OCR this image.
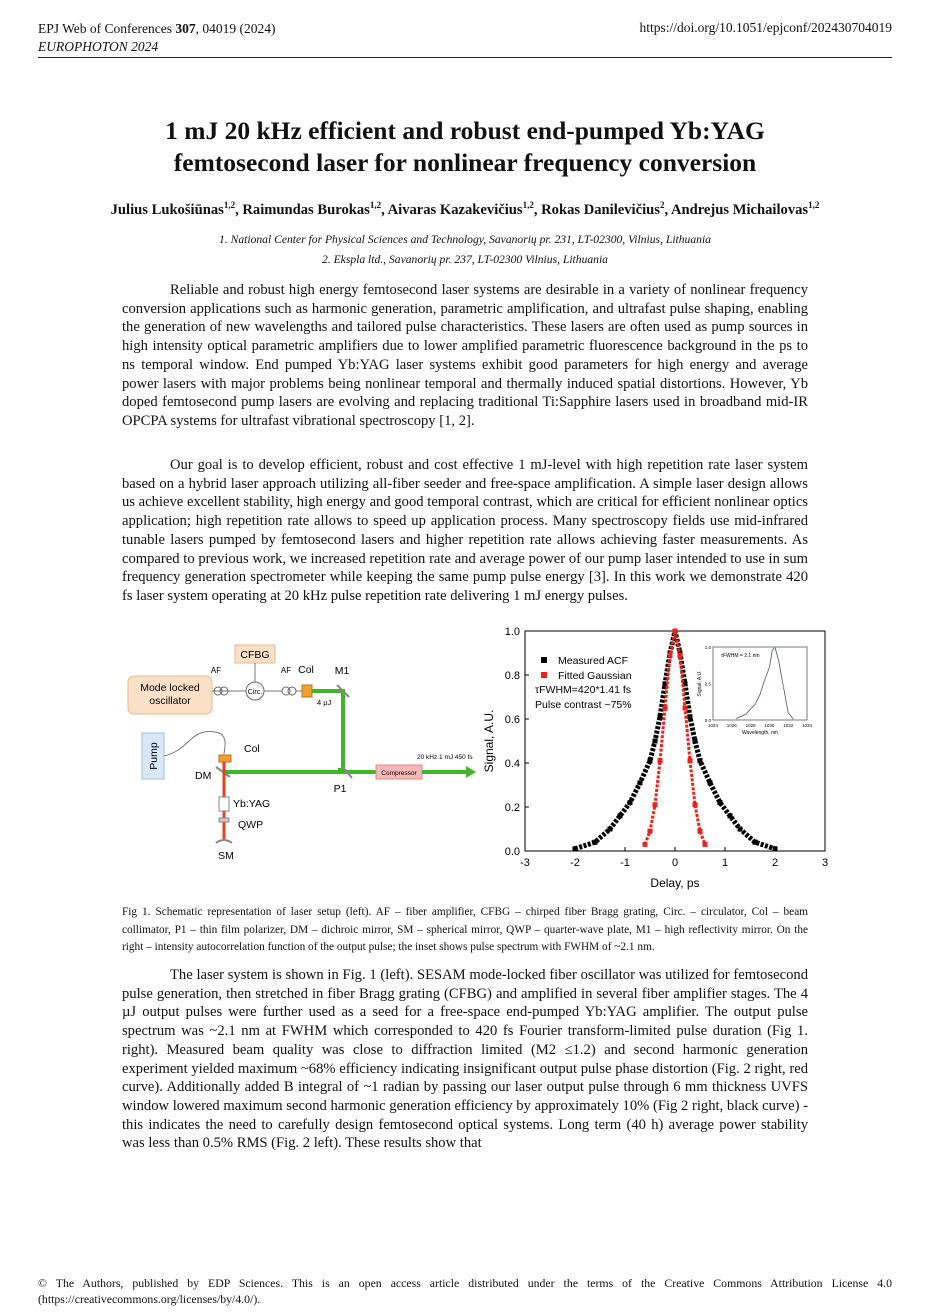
EPJ Web of Conferences 307, 04019 (2024)
EUROPHOTON 2024
https://doi.org/10.1051/epjconf/202430704019
1 mJ 20 kHz efficient and robust end-pumped Yb:YAG
femtosecond laser for nonlinear frequency conversion
Julius Lukošiūnas$^{1,2}$, Raimundas Burokas$^{1,2}$, Aivaras Kazakevičius$^{1,2}$, Rokas Danilevičius$^2$, Andrejus Michailovas$^{1,2}$
1. National Center for Physical Sciences and Technology, Savanorių pr. 231, LT-02300, Vilnius, Lithuania
2. Ekspla ltd., Savanorių pr. 237, LT-02300 Vilnius, Lithuania

Reliable and robust high energy femtosecond laser systems are desirable in a variety of nonlinear frequency conversion applications such as harmonic generation, parametric amplification, and ultrafast pulse shaping, enabling the generation of new wavelengths and tailored pulse characteristics. These lasers are often used as pump sources in high intensity optical parametric amplifiers due to lower amplified parametric fluorescence background in the ps to ns temporal window. End pumped Yb:YAG laser systems exhibit good parameters for high energy and average power lasers with major problems being nonlinear temporal and thermally induced spatial distortions. However, Yb doped femtosecond pump lasers are evolving and replacing traditional Ti:Sapphire lasers used in broadband mid-IR OPCPA systems for ultrafast vibrational spectroscopy [1, 2].

Our goal is to develop efficient, robust and cost effective 1 mJ-level with high repetition rate laser system based on a hybrid laser approach utilizing all-fiber seeder and free-space amplification. A simple laser design allows us achieve excellent stability, high energy and good temporal contrast, which are critical for efficient nonlinear optics application; high repetition rate allows to speed up application process. Many spectroscopy fields use mid-infrared tunable lasers pumped by femtosecond lasers and higher repetition rate allows achieving faster measurements. As compared to previous work, we increased repetition rate and average power of our pump laser intended to use in sum frequency generation spectrometer while keeping the same pump pulse energy [3]. In this work we demonstrate 420 fs laser system operating at 20 kHz pulse repetition rate delivering 1 mJ energy pulses.

Mode locked
oscillator
CFBG
AF
Circ.
AF Col M1
4 µJ
P1
Compressor
20 kHz 1 mJ 450 fs
Pump	Col
DM
Yb:YAG
QWP
SM
-3	-2	-1	0	1	2	3
0.0
0.2
0.4
0.6
0.8
1.0
Delay, ps
Signal, A.U.
Measured ACF
Fitted Gaussian
τFWHM=420*1.41 fs
Pulse contrast ~75%
1024 1026 1028 1030 1032 1034
0.0
0.5
1.0
Wavelength, nm
Signal, A.U.
τFWHM = 2.1 nm

Fig 1. Schematic representation of laser setup (left). AF – fiber amplifier, CFBG – chirped fiber Bragg grating, Circ. – circulator, Col – beam collimator, P1 – thin film polarizer, DM – dichroic mirror, SM – spherical mirror, QWP – quarter-wave plate, M1 – high reflectivity mirror. On the right – intensity autocorrelation function of the output pulse; the inset shows pulse spectrum with FWHM of ~2.1 nm.

The laser system is shown in Fig. 1 (left). SESAM mode-locked fiber oscillator was utilized for femtosecond pulse generation, then stretched in fiber Bragg grating (CFBG) and amplified in several fiber amplifier stages. The 4 µJ output pulses were further used as a seed for a free-space end-pumped Yb:YAG amplifier. The output pulse spectrum was ~2.1 nm at FWHM which corresponded to 420 fs Fourier transform-limited pulse duration (Fig 1. right). Measured beam quality was close to diffraction limited (M2 ≤1.2) and second harmonic generation experiment yielded maximum ~68% efficiency indicating insignificant output pulse phase distortion (Fig. 2 right, red curve). Additionally added B integral of ~1 radian by passing our laser output pulse through 6 mm thickness UVFS window lowered maximum second harmonic generation efficiency by approximately 10% (Fig 2 right, black curve) - this indicates the need to carefully design femtosecond optical systems. Long term (40 h) average power stability was less than 0.5% RMS (Fig. 2 left). These results show that

© The Authors, published by EDP Sciences. This is an open access article distributed under the terms of the Creative Commons Attribution License 4.0 (https://creativecommons.org/licenses/by/4.0/).
